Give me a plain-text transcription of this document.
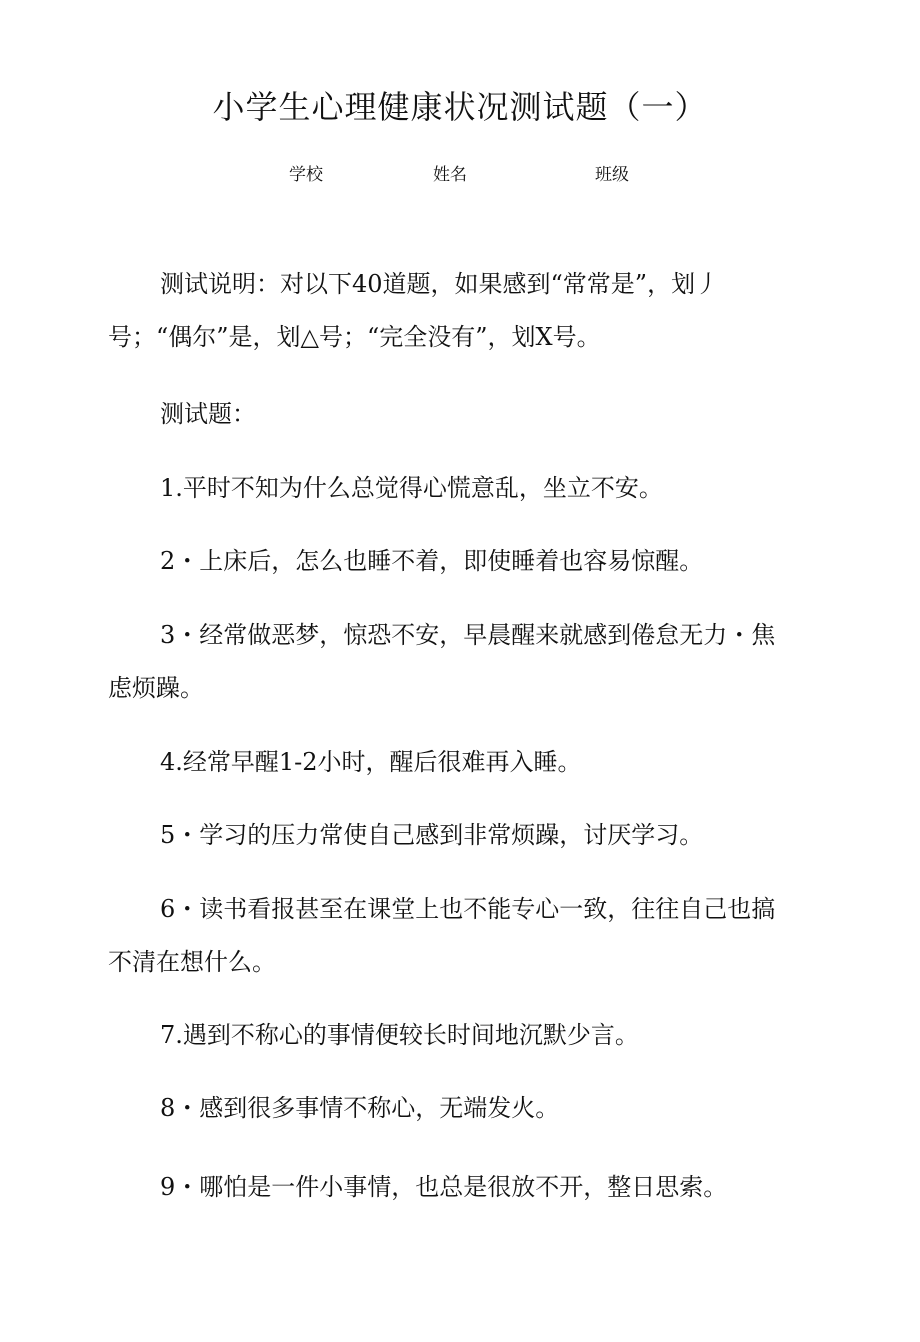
小学生心理健康状况测试题（一）
学校	姓名	班级

测试说明：对以下40道题，如果感到“常常是”，划丿号；“偶尔”是，划△号；“完全没有”，划X号。

测试题：

1.平时不知为什么总觉得心慌意乱，坐立不安。

2・上床后，怎么也睡不着，即使睡着也容易惊醒。

3・经常做恶梦，惊恐不安，早晨醒来就感到倦怠无力・焦虑烦躁。

4.经常早醒1-2小时，醒后很难再入睡。

5・学习的压力常使自己感到非常烦躁，讨厌学习。

6・读书看报甚至在课堂上也不能专心一致，往往自己也搞不清在想什么。

7.遇到不称心的事情便较长时间地沉默少言。

8・感到很多事情不称心，无端发火。

9・哪怕是一件小事情，也总是很放不开，整日思索。
